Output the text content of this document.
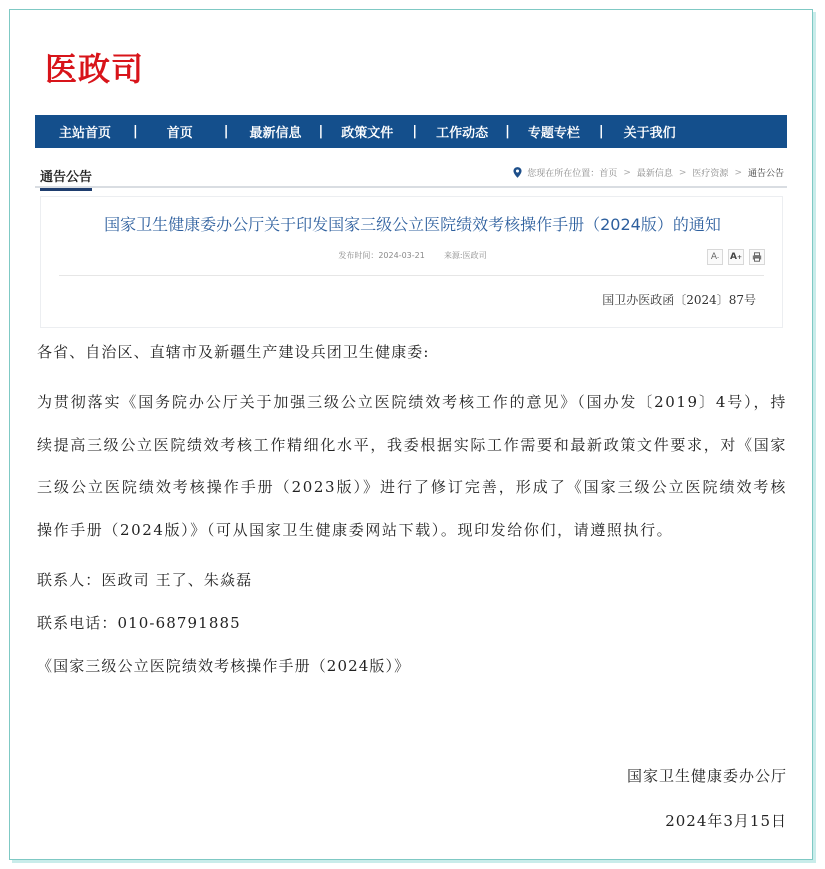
医政司
主站首页 | 首页 | 最新信息 | 政策文件 | 工作动态 | 专题专栏 | 关于我们
通告公告	您现在所在位置： 首页 > 最新信息 > 医疗资源 > 通告公告
国家卫生健康委办公厅关于印发国家三级公立医院绩效考核操作手册（2024版）的通知
发布时间：2024-03-21 来源:医政司	A - A +
国卫办医政函〔2024〕87号

各省、自治区、直辖市及新疆生产建设兵团卫生健康委:

为贯彻落实《国务院办公厅关于加强三级公立医院绩效考核工作的意见》（国办发〔2019〕4号），持续提高三级公立医院绩效考核工作精细化水平，我委根据实际工作需要和最新政策文件要求，对《国家三级公立医院绩效考核操作手册（2023版）》进行了修订完善，形成了《国家三级公立医院绩效考核操作手册（2024版）》（可从国家卫生健康委网站下载）。现印发给你们，请遵照执行。

联系人：医政司 王了、朱焱磊

联系电话：010-68791885

《国家三级公立医院绩效考核操作手册（2024版）》

国家卫生健康委办公厅
2024年3月15日
